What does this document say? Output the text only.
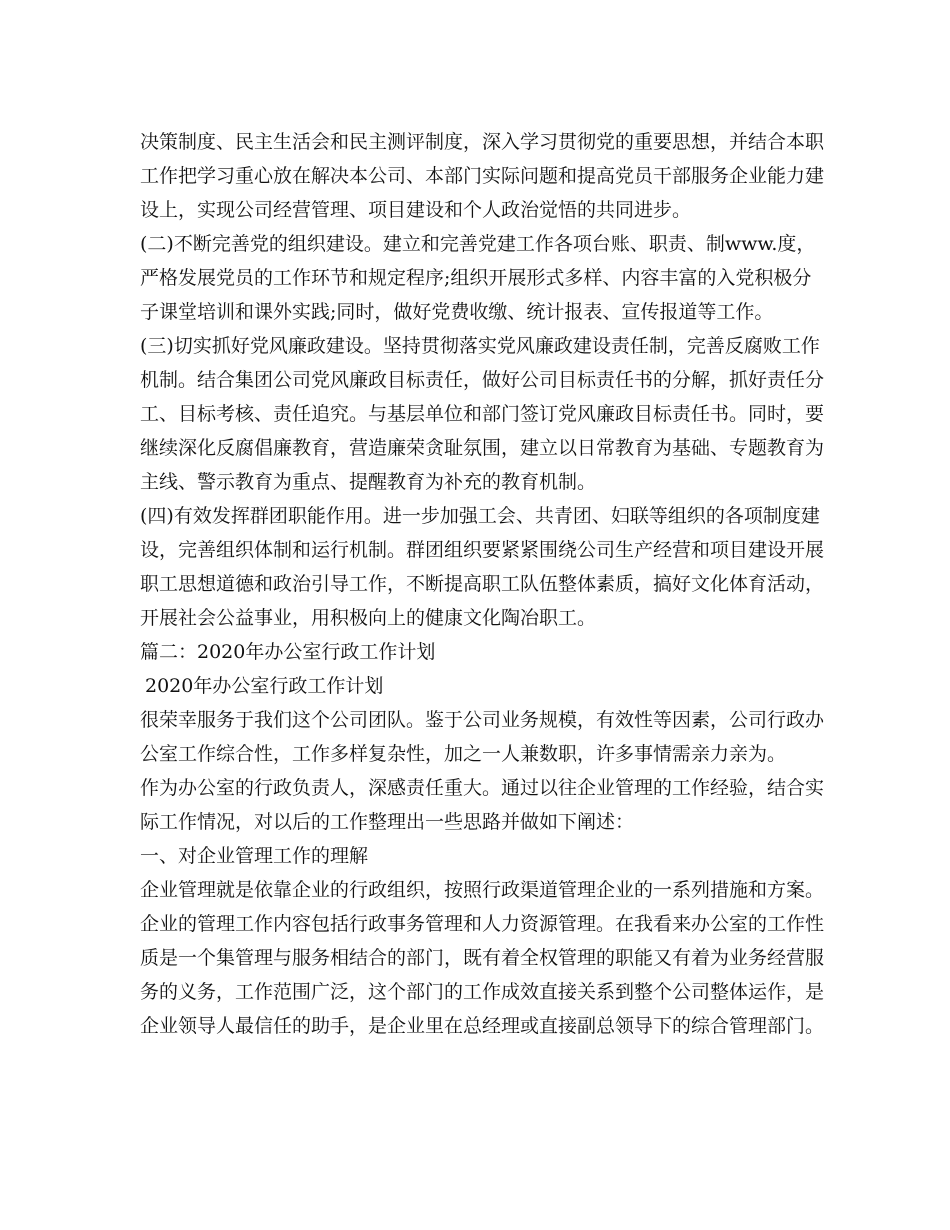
决策制度、民主生活会和民主测评制度，深入学习贯彻党的重要思想，并结合本职
工作把学习重心放在解决本公司、本部门实际问题和提高党员干部服务企业能力建
设上，实现公司经营管理、项目建设和个人政治觉悟的共同进步。
(二)不断完善党的组织建设。建立和完善党建工作各项台账、职责、制www.度，
严格发展党员的工作环节和规定程序;组织开展形式多样、内容丰富的入党积极分
子课堂培训和课外实践;同时，做好党费收缴、统计报表、宣传报道等工作。
(三)切实抓好党风廉政建设。坚持贯彻落实党风廉政建设责任制，完善反腐败工作
机制。结合集团公司党风廉政目标责任，做好公司目标责任书的分解，抓好责任分
工、目标考核、责任追究。与基层单位和部门签订党风廉政目标责任书。同时，要
继续深化反腐倡廉教育，营造廉荣贪耻氛围，建立以日常教育为基础、专题教育为
主线、警示教育为重点、提醒教育为补充的教育机制。
(四)有效发挥群团职能作用。进一步加强工会、共青团、妇联等组织的各项制度建
设，完善组织体制和运行机制。群团组织要紧紧围绕公司生产经营和项目建设开展
职工思想道德和政治引导工作，不断提高职工队伍整体素质，搞好文化体育活动，
开展社会公益事业，用积极向上的健康文化陶冶职工。
篇二：2020年办公室行政工作计划
2020年办公室行政工作计划
很荣幸服务于我们这个公司团队。鉴于公司业务规模，有效性等因素，公司行政办
公室工作综合性，工作多样复杂性，加之一人兼数职，许多事情需亲力亲为。
作为办公室的行政负责人，深感责任重大。通过以往企业管理的工作经验，结合实
际工作情况，对以后的工作整理出一些思路并做如下阐述：
一、对企业管理工作的理解
企业管理就是依靠企业的行政组织，按照行政渠道管理企业的一系列措施和方案。
企业的管理工作内容包括行政事务管理和人力资源管理。在我看来办公室的工作性
质是一个集管理与服务相结合的部门，既有着全权管理的职能又有着为业务经营服
务的义务，工作范围广泛，这个部门的工作成效直接关系到整个公司整体运作，是
企业领导人最信任的助手，是企业里在总经理或直接副总领导下的综合管理部门。
